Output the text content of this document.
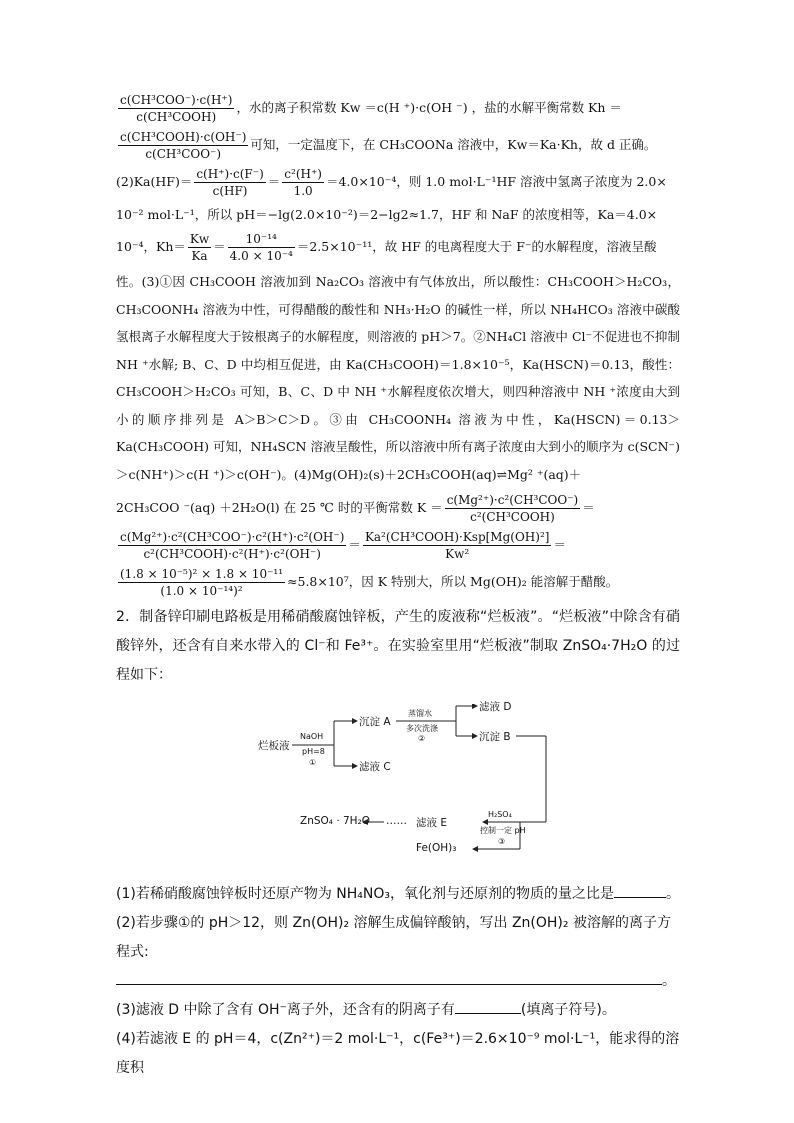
$\frac{\text{c(CH³COO⁻)·c(H⁺)}}{\text{c(CH³COOH)}}$ ，水的离子积常数 Kw ＝c(H ⁺)·c(OH ⁻) ，盐的水解平衡常数 Kh ＝
$\frac{\text{c(CH³COOH)·c(OH⁻)}}{\text{c(CH³COO⁻)}}$ 可知，一定温度下，在 CH₃COONa 溶液中，Kw＝Ka·Kh，故 d 正确。
$(2)Ka(HF)= \frac{c(H^+)\cdot c(F^-)}{c(HF)} = \frac{\text{c²(H⁺)}}{1.0} =4.0\times 10^{-4}$，则 1.0 mol·L⁻¹HF 溶液中氢离子浓度为 2.0×
10⁻² mol·L⁻¹，所以 pH＝−lg(2.0×10⁻²)＝2−lg2≈1.7，HF 和 NaF 的浓度相等，Ka＝4.0×
10⁻⁴，$Kh= \frac{Kw}{Ka} = \frac{\text{10⁻¹⁴}}{\text{4.0 × 10⁻⁴}} =2.5\times 10^{-11}$，故 HF 的电离程度大于 F⁻的水解程度，溶液呈酸
性。(3)①因 CH₃COOH 溶液加到 Na₂CO₃ 溶液中有气体放出，所以酸性：CH₃COOH＞H₂CO₃，CH₃COONH₄ 溶液为中性，可得醋酸的酸性和 NH₃·H₂O 的碱性一样，所以 NH₄HCO₃ 溶液中碳酸氢根离子水解程度大于铵根离子的水解程度，则溶液的 pH＞7。②NH₄Cl 溶液中 Cl⁻不促进也不抑制 NH ⁺水解; B、C、D 中均相互促进，由 Ka(CH₃COOH)＝1.8×10⁻⁵，Ka(HSCN)＝0.13，酸性：CH₃COOH＞H₂CO₃ 可知，B、C、D 中 NH ⁺水解程度依次增大，则四种溶液中 NH ⁺浓度由大到小的顺序排列是 A＞B＞C＞D。③由 CH₃COONH₄ 溶液为中性，Ka(HSCN)＝0.13＞Ka(CH₃COOH) 可知，NH₄SCN 溶液呈酸性，所以溶液中所有离子浓度由大到小的顺序为 c(SCN⁻)＞c(NH⁺)＞c(H ⁺)＞c(OH⁻)。(4)Mg(OH)₂(s)＋2CH₃COOH(aq)⇌Mg² ⁺(aq)＋
2CH₃COO ⁻(aq) ＋2H₂O(l) 在 25 ℃ 时的平衡常数 $K = \frac{\text{c(Mg²⁺)·c²(CH³COO⁻)}}{\text{c²(CH³COOH)}}$ ＝
$\frac{\text{c(Mg²⁺)·c²(CH³COO⁻)·c²(H⁺)·c²(OH⁻)}}{\text{c²(CH³COOH)·c²(H⁺)·c²(OH⁻)}} = \frac{\text{Ka²(CH³COOH)·Ksp[Mg(OH)²]}}{\text{Kw²}}$ ＝
$\frac{\text{(1.8 × 10⁻⁵)² × 1.8 × 10⁻¹¹}}{\text{(1.0 × 10⁻¹⁴)²}} \approx 5.8\times 10^7$，因 K 特别大，所以 Mg(OH)₂ 能溶解于醋酸。
2．制备锌印刷电路板是用稀硝酸腐蚀锌板，产生的废液称“烂板液”。“烂板液”中除含有硝酸锌外，还含有自来水带入的 Cl⁻和 Fe³⁺。在实验室里用“烂板液”制取 ZnSO₄·7H₂O 的过程如下：
烂板液
NaOH
pH=8
①
沉淀 A
滤液 C
蒸馏水
多次洗涤
②
滤液 D
沉淀 B
H₂SO₄
控制一定 pH
③
滤液 E
……
ZnSO₄ · 7H₂O
Fe(OH)₃
(1)若稀硝酸腐蚀锌板时还原产物为 NH₄NO₃，氧化剂与还原剂的物质的量之比是	。
(2)若步骤①的 pH＞12，则 Zn(OH)₂ 溶解生成偏锌酸钠，写出 Zn(OH)₂ 被溶解的离子方程式:
。
(3)滤液 D 中除了含有 OH⁻离子外，还含有的阴离子有	(填离子符号)。
(4)若滤液 E 的 pH＝4，c(Zn²⁺)＝2 mol·L⁻¹，c(Fe³⁺)＝2.6×10⁻⁹ mol·L⁻¹，能求得的溶度积
